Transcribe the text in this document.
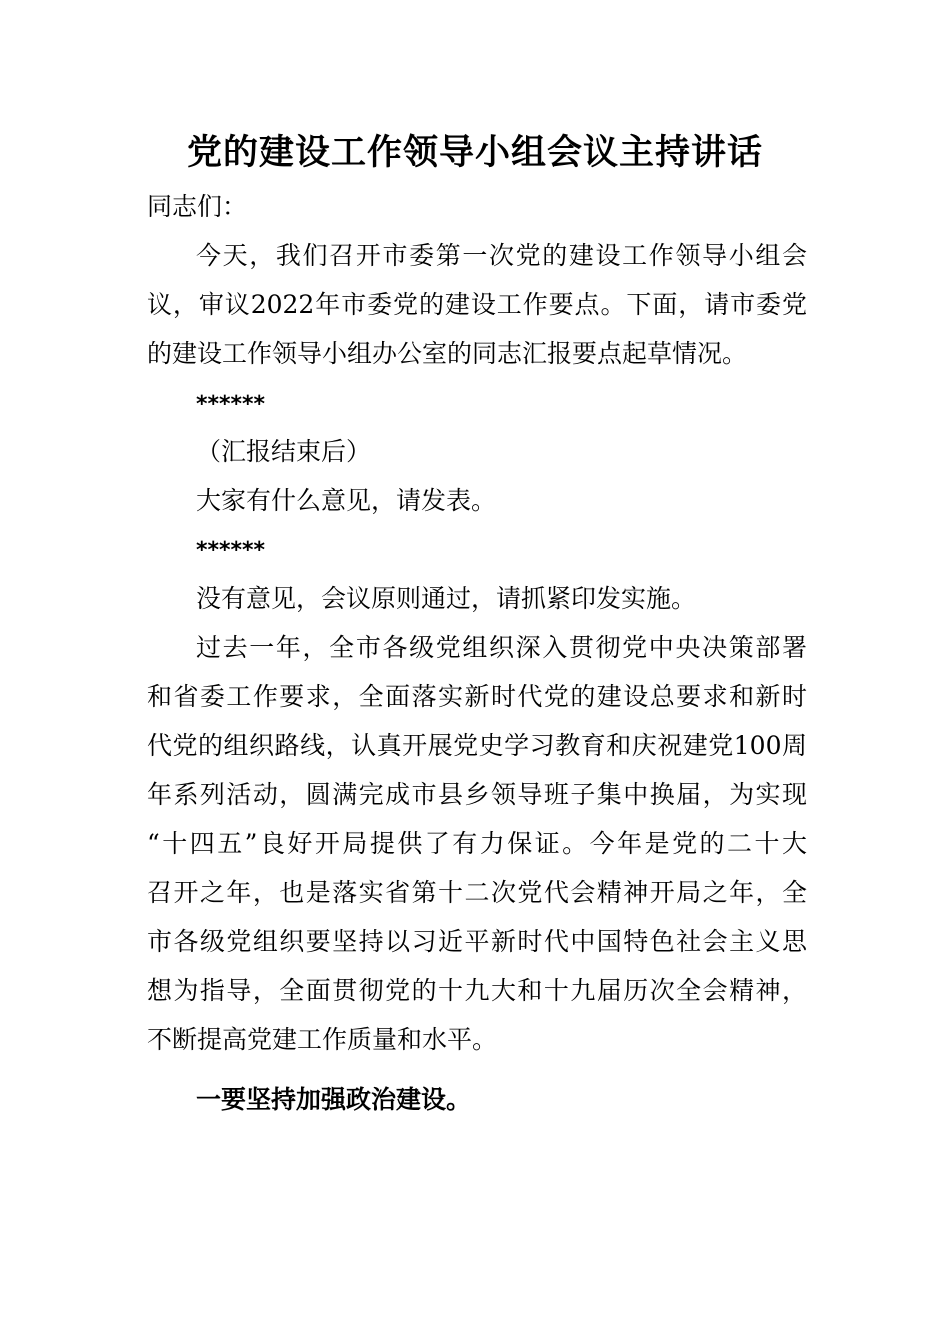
党的建设工作领导小组会议主持讲话

同志们：

今天，我们召开市委第一次党的建设工作领导小组会

议，审议2022年市委党的建设工作要点。下面，请市委党

的建设工作领导小组办公室的同志汇报要点起草情况。

******

（汇报结束后）

大家有什么意见，请发表。

******

没有意见，会议原则通过，请抓紧印发实施。

过去一年，全市各级党组织深入贯彻党中央决策部署

和省委工作要求，全面落实新时代党的建设总要求和新时

代党的组织路线，认真开展党史学习教育和庆祝建党100周

年系列活动，圆满完成市县乡领导班子集中换届，为实现

“十四五”良好开局提供了有力保证。今年是党的二十大

召开之年，也是落实省第十二次党代会精神开局之年，全

市各级党组织要坚持以习近平新时代中国特色社会主义思

想为指导，全面贯彻党的十九大和十九届历次全会精神，

不断提高党建工作质量和水平。

一要坚持加强政治建设。
